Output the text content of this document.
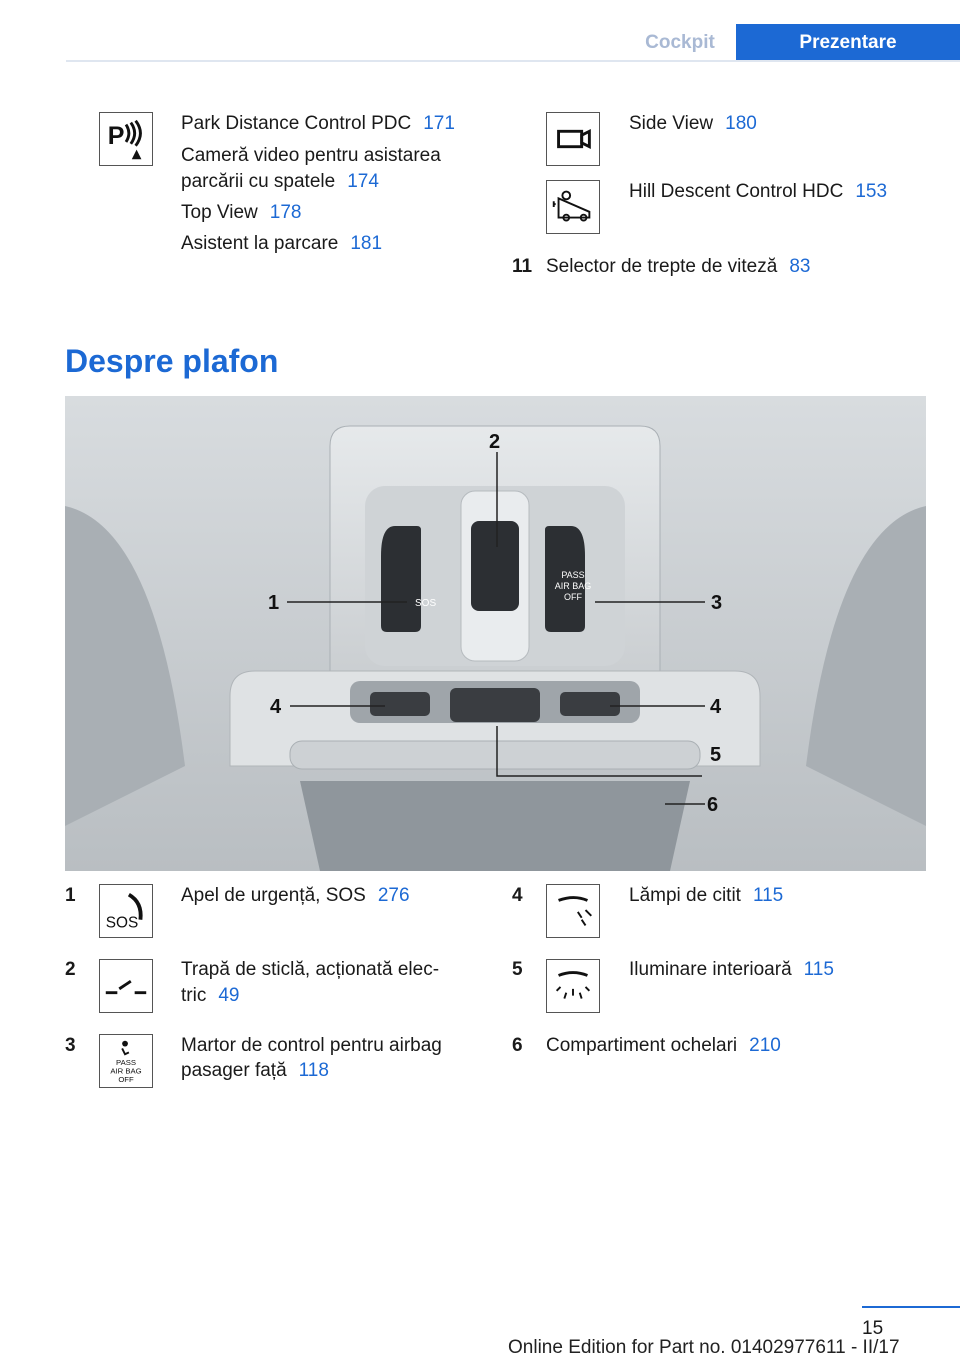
Cockpit	Prezentare
P	Park Distance Control PDC 171
Cameră video pentru asistarea
parcării cu spatele 174
Top View 178
Asistent la parcare 181
Side View 180
Hill Descent Control HDC 153
11 Selector de trepte de viteză 83
Despre plafon
SOS
PASS
AIR BAG
OFF
1
2
3
4	4
5
6
1
SOS
Apel de urgență, SOS 276
2	Trapă de sticlă, acționată elec-
tric 49
3
PASS
AIR BAG
OFF
Martor de control pentru airbag
pasager față 118
4	Lămpi de citit 115
5	Iluminare interioară 115
6 Compartiment ochelari 210
15
Online Edition for Part no. 01402977611 - II/17
